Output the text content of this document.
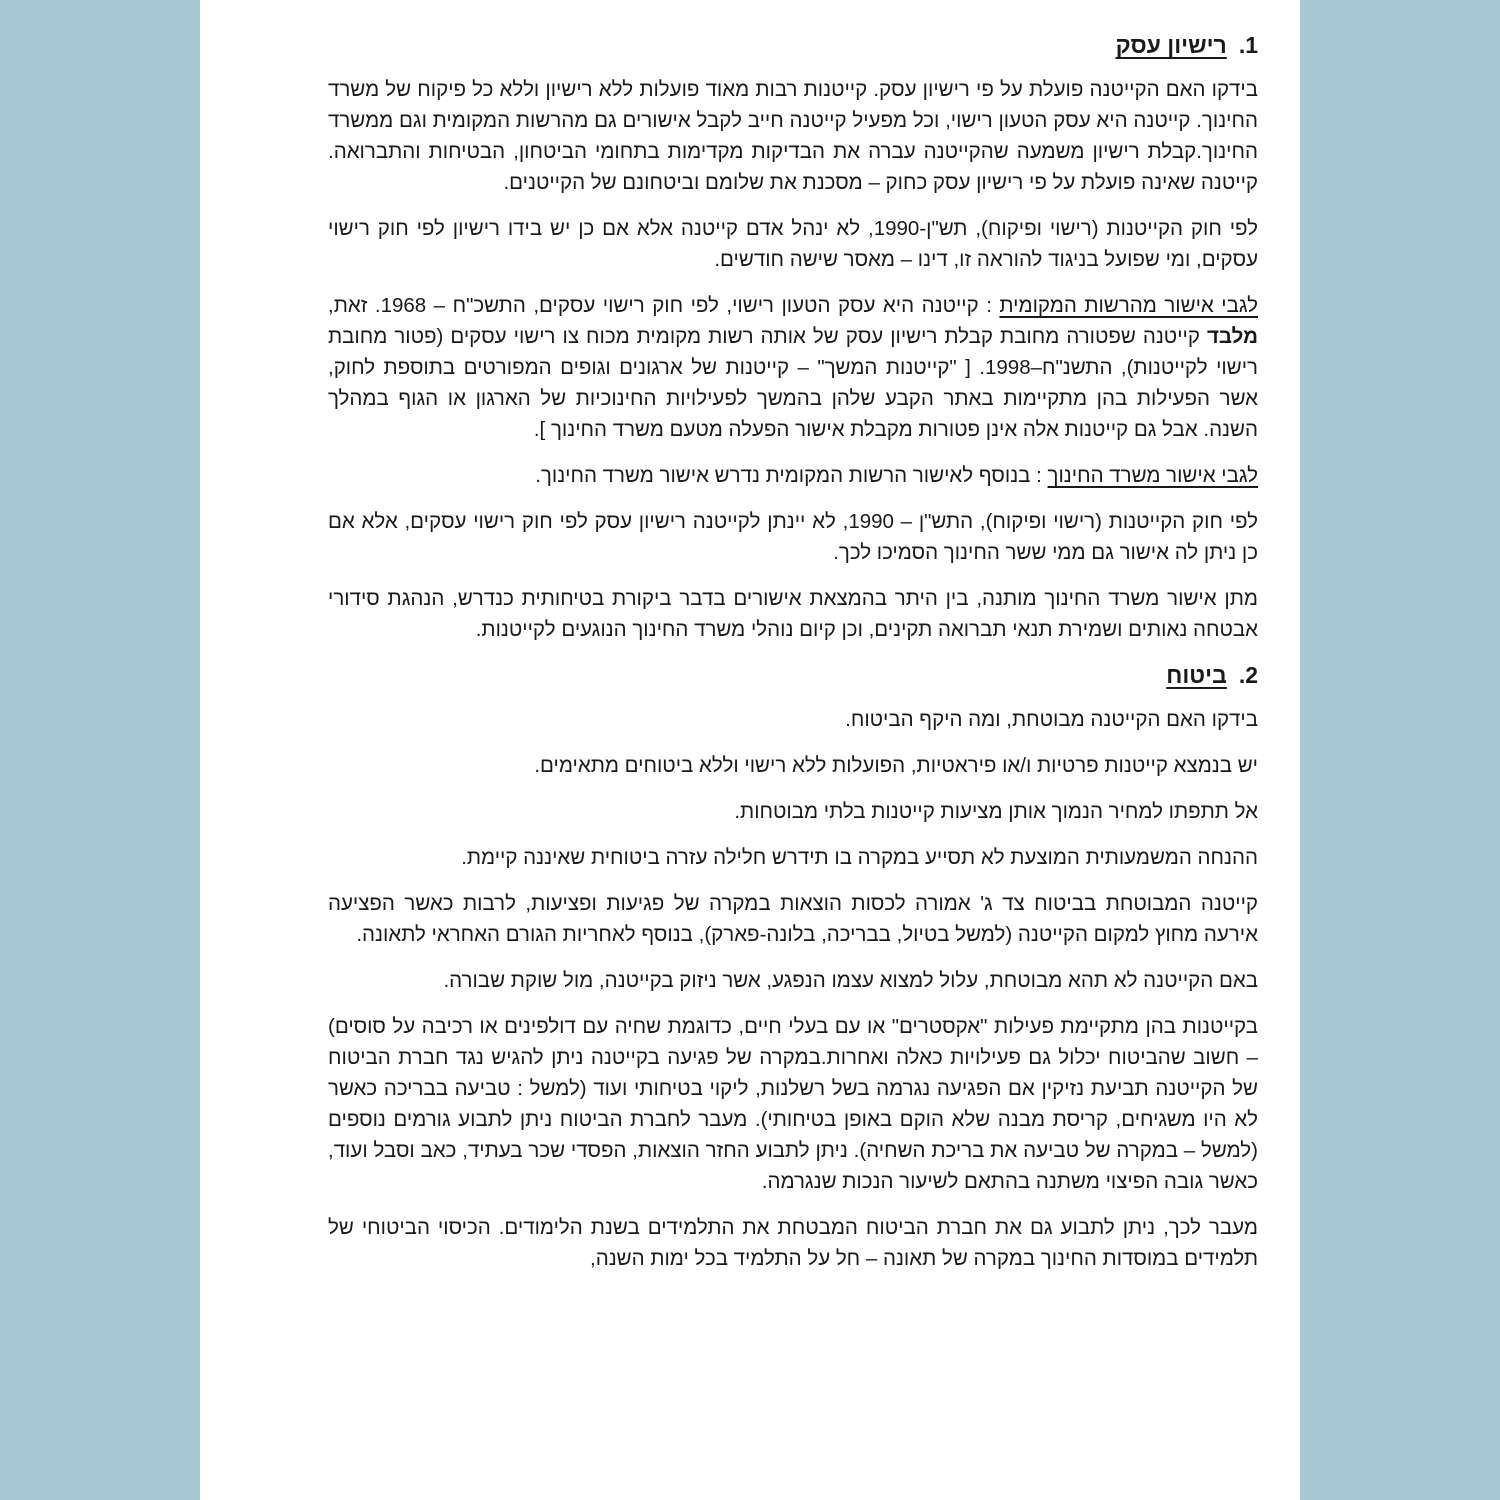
1.רישיון עסק

בידקו האם הקייטנה פועלת על פי רישיון עסק. קייטנות רבות מאוד פועלות ללא רישיון וללא כל פיקוח של משרד החינוך. קייטנה היא עסק הטעון רישוי, וכל מפעיל קייטנה חייב לקבל אישורים גם מהרשות המקומית וגם ממשרד החינוך.קבלת רישיון משמעה שהקייטנה עברה את הבדיקות מקדימות בתחומי הביטחון, הבטיחות והתברואה. קייטנה שאינה פועלת על פי רישיון עסק כחוק – מסכנת את שלומם וביטחונם של הקייטנים.

לפי חוק הקייטנות (רישוי ופיקוח), תש"ן-1990, לא ינהל אדם קייטנה אלא אם כן יש בידו רישיון לפי חוק רישוי עסקים, ומי שפועל בניגוד להוראה זו, דינו – מאסר שישה חודשים.

לגבי אישור מהרשות המקומית : קייטנה היא עסק הטעון רישוי, לפי חוק רישוי עסקים, התשכ"ח – 1968. זאת, מלבד קייטנה שפטורה מחובת קבלת רישיון עסק של אותה רשות מקומית מכוח צו רישוי עסקים (פטור מחובת רישוי לקייטנות), התשנ"ח–1998. [ "קייטנות המשך" – קייטנות של ארגונים וגופים המפורטים בתוספת לחוק, אשר הפעילות בהן מתקיימות באתר הקבע שלהן בהמשך לפעילויות החינוכיות של הארגון או הגוף במהלך השנה. אבל גם קייטנות אלה אינן פטורות מקבלת אישור הפעלה מטעם משרד החינוך ].

לגבי אישור משרד החינוך : בנוסף לאישור הרשות המקומית נדרש אישור משרד החינוך.

לפי חוק הקייטנות (רישוי ופיקוח), התש"ן – 1990, לא יינתן לקייטנה רישיון עסק לפי חוק רישוי עסקים, אלא אם כן ניתן לה אישור גם ממי ששר החינוך הסמיכו לכך.

מתן אישור משרד החינוך מותנה, בין היתר בהמצאת אישורים בדבר ביקורת בטיחותית כנדרש, הנהגת סידורי אבטחה נאותים ושמירת תנאי תברואה תקינים, וכן קיום נוהלי משרד החינוך הנוגעים לקייטנות.

2.ביטוח

בידקו האם הקייטנה מבוטחת, ומה היקף הביטוח.

יש בנמצא קייטנות פרטיות ו/או פיראטיות, הפועלות ללא רישוי וללא ביטוחים מתאימים.

אל תתפתו למחיר הנמוך אותן מציעות קייטנות בלתי מבוטחות.

ההנחה המשמעותית המוצעת לא תסייע במקרה בו תידרש חלילה עזרה ביטוחית שאיננה קיימת.

קייטנה המבוטחת בביטוח צד ג' אמורה לכסות הוצאות במקרה של פגיעות ופציעות, לרבות כאשר הפציעה אירעה מחוץ למקום הקייטנה (למשל בטיול, בבריכה, בלונה-פארק), בנוסף לאחריות הגורם האחראי לתאונה.

באם הקייטנה לא תהא מבוטחת, עלול למצוא עצמו הנפגע, אשר ניזוק בקייטנה, מול שוקת שבורה.

בקייטנות בהן מתקיימת פעילות "אקסטרים" או עם בעלי חיים, כדוגמת שחיה עם דולפינים או רכיבה על סוסים) – חשוב שהביטוח יכלול גם פעילויות כאלה ואחרות.במקרה של פגיעה בקייטנה ניתן להגיש נגד חברת הביטוח של הקייטנה תביעת נזיקין אם הפגיעה נגרמה בשל רשלנות, ליקוי בטיחותי ועוד (למשל : טביעה בבריכה כאשר לא היו משגיחים, קריסת מבנה שלא הוקם באופן בטיחותי). מעבר לחברת הביטוח ניתן לתבוע גורמים נוספים (למשל – במקרה של טביעה את בריכת השחיה). ניתן לתבוע החזר הוצאות, הפסדי שכר בעתיד, כאב וסבל ועוד, כאשר גובה הפיצוי משתנה בהתאם לשיעור הנכות שנגרמה.

מעבר לכך, ניתן לתבוע גם את חברת הביטוח המבטחת את התלמידים בשנת הלימודים. הכיסוי הביטוחי של תלמידים במוסדות החינוך במקרה של תאונה – חל על התלמיד בכל ימות השנה,
